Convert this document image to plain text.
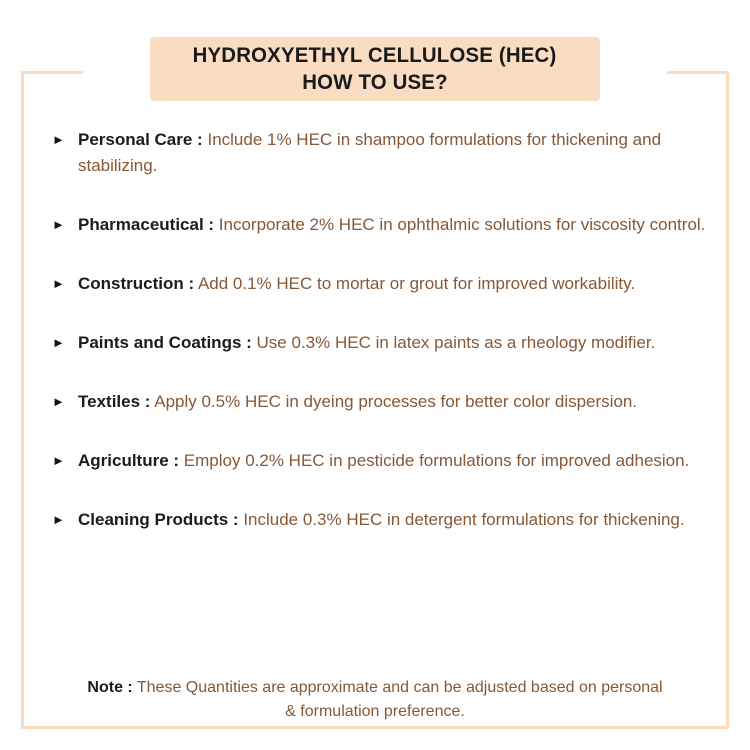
HYDROXYETHYL CELLULOSE (HEC)
HOW TO USE?
► Personal Care : Include 1% HEC in shampoo formulations for thickening and stabilizing.
► Pharmaceutical : Incorporate 2% HEC in ophthalmic solutions for viscosity control.
► Construction : Add 0.1% HEC to mortar or grout for improved workability.
► Paints and Coatings : Use 0.3% HEC in latex paints as a rheology modifier.
► Textiles : Apply 0.5% HEC in dyeing processes for better color dispersion.
► Agriculture : Employ 0.2% HEC in pesticide formulations for improved adhesion.
► Cleaning Products : Include 0.3% HEC in detergent formulations for thickening.
Note : These Quantities are approximate and can be adjusted based on personal & formulation preference.
